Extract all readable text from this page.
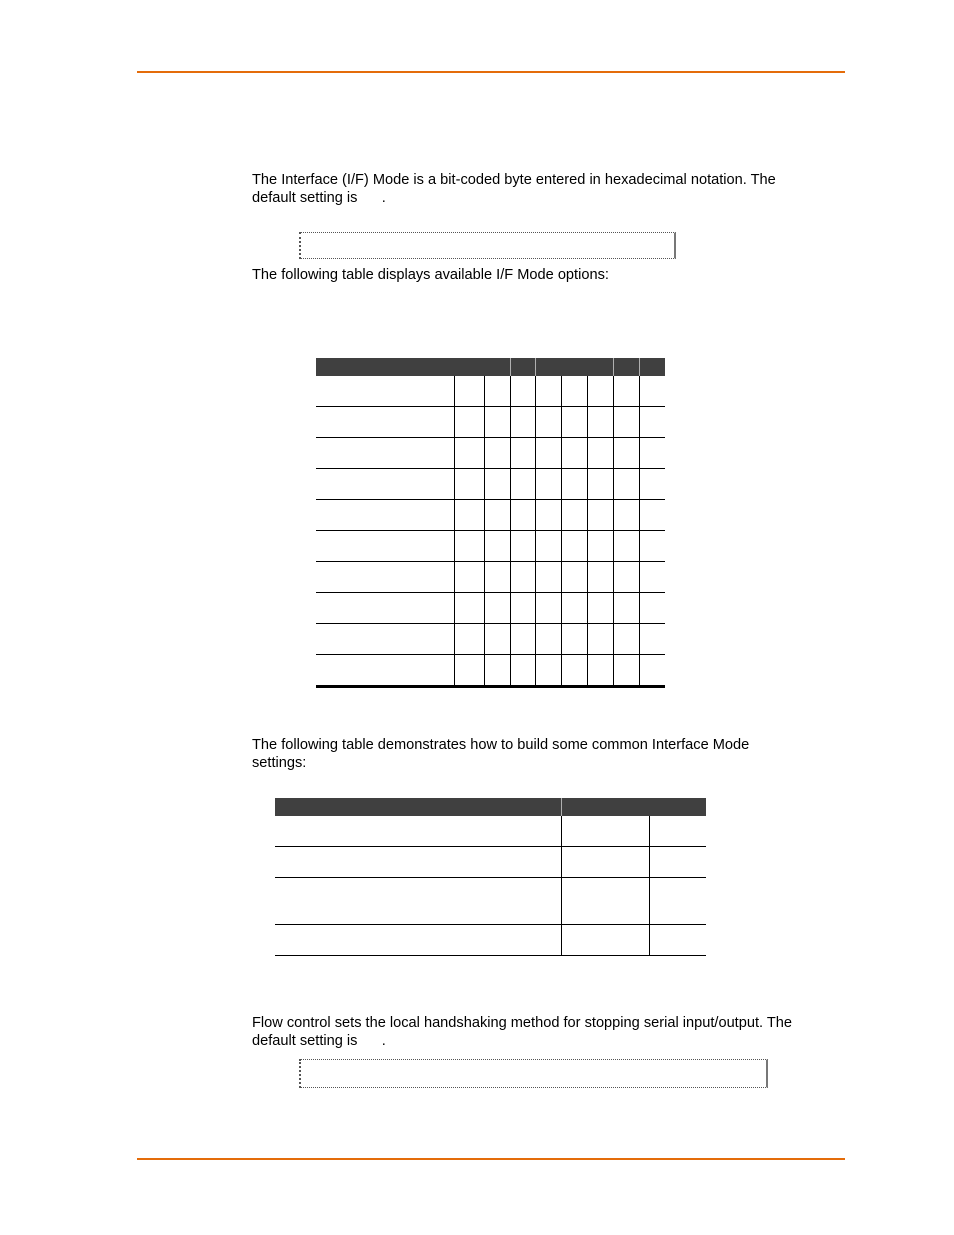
The Interface (I/F) Mode is a bit-coded byte entered in hexadecimal notation. The

default setting is      .

The following table displays available I/F Mode options:

The following table demonstrates how to build some common Interface Mode

settings:

Flow control sets the local handshaking method for stopping serial input/output. The

default setting is      .
